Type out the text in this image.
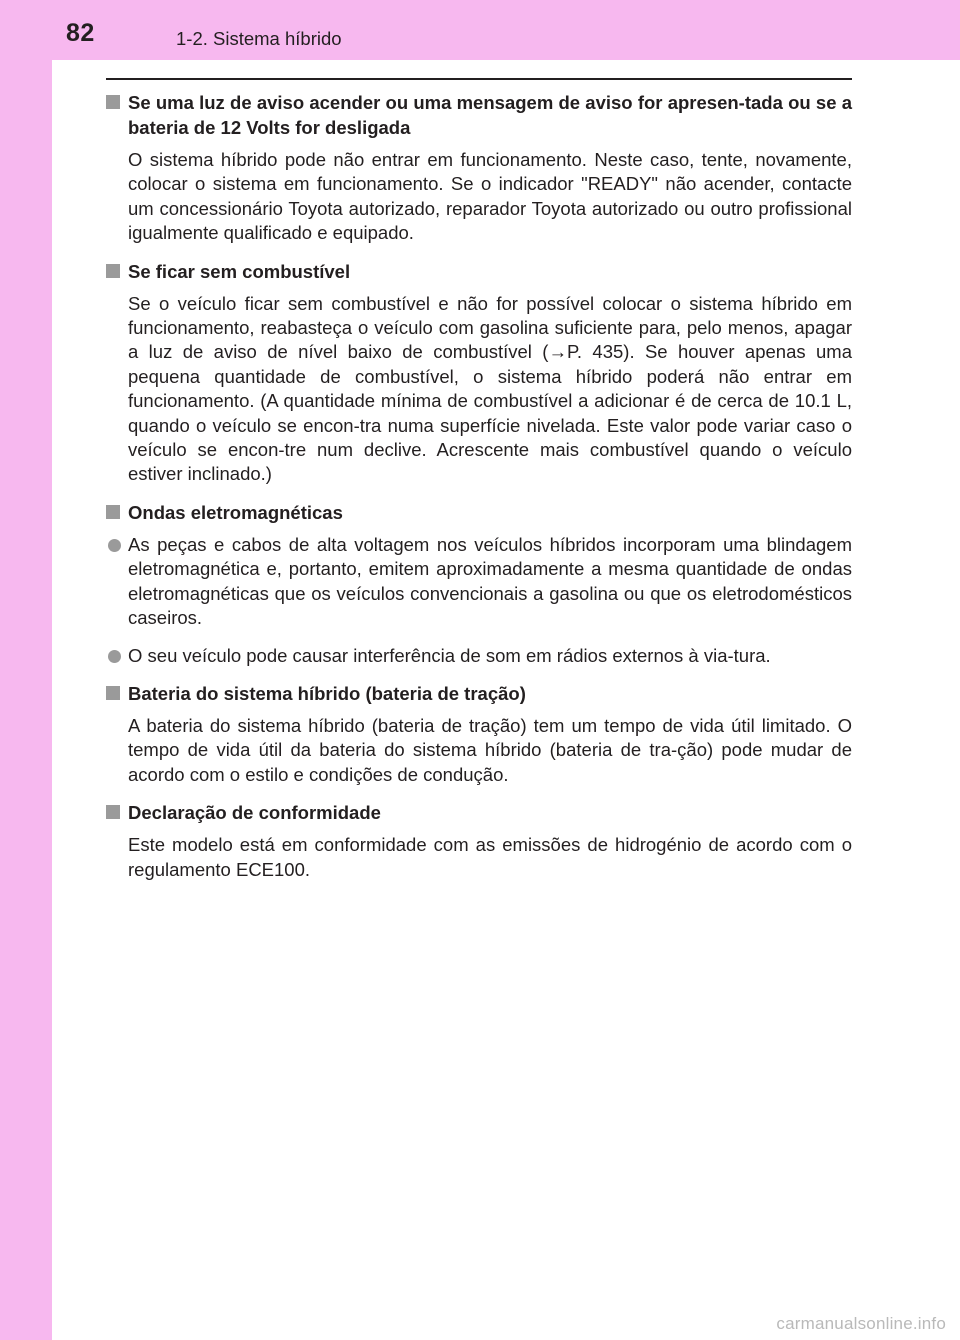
82	1-2. Sistema híbrido
Se uma luz de aviso acender ou uma mensagem de aviso for apresen-tada ou se a bateria de 12 Volts for desligada
O sistema híbrido pode não entrar em funcionamento. Neste caso, tente, novamente, colocar o sistema em funcionamento. Se o indicador "READY" não acender, contacte um concessionário Toyota autorizado, reparador Toyota autorizado ou outro profissional igualmente qualificado e equipado.
Se ficar sem combustível
Se o veículo ficar sem combustível e não for possível colocar o sistema híbrido em funcionamento, reabasteça o veículo com gasolina suficiente para, pelo menos, apagar a luz de aviso de nível baixo de combustível (→P. 435). Se houver apenas uma pequena quantidade de combustível, o sistema híbrido poderá não entrar em funcionamento. (A quantidade mínima de combustível a adicionar é de cerca de 10.1 L, quando o veículo se encon-tra numa superfície nivelada. Este valor pode variar caso o veículo se encon-tre num declive. Acrescente mais combustível quando o veículo estiver inclinado.)
Ondas eletromagnéticas
As peças e cabos de alta voltagem nos veículos híbridos incorporam uma blindagem eletromagnética e, portanto, emitem aproximadamente a mesma quantidade de ondas eletromagnéticas que os veículos convencionais a gasolina ou que os eletrodomésticos caseiros.
O seu veículo pode causar interferência de som em rádios externos à via-tura.
Bateria do sistema híbrido (bateria de tração)
A bateria do sistema híbrido (bateria de tração) tem um tempo de vida útil limitado. O tempo de vida útil da bateria do sistema híbrido (bateria de tra-ção) pode mudar de acordo com o estilo e condições de condução.
Declaração de conformidade
Este modelo está em conformidade com as emissões de hidrogénio de acordo com o regulamento ECE100.
carmanualsonline.info
